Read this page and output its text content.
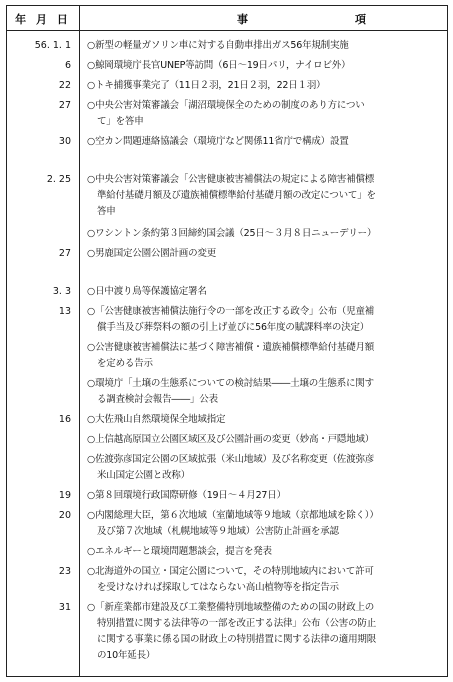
年 月 日	事	項
56. 1. 1 ○新型の軽量ガソリン車に対する自動車排出ガス56年規制実施
6 ○鯨岡環境庁長官UNEP等訪問（6日〜19日パリ，ナイロビ外）
22 ○トキ捕獲事業完了（11日２羽，21日２羽，22日１羽）
27 ○中央公害対策審議会「湖沼環境保全のための制度のあり方につい
て」を答申
30 ○空カン問題連絡協議会（環境庁など関係11省庁で構成）設置
2. 25 ○中央公害対策審議会「公害健康被害補償法の規定による障害補償標
準給付基礎月額及び遺族補償標準給付基礎月額の改定について」を
答申
○ワシントン条約第３回締約国会議（25日〜３月８日ニューデリー）
27 ○男鹿国定公園公園計画の変更
3. 3 ○日中渡り鳥等保護協定署名
13 ○「公害健康被害補償法施行令の一部を改正する政令」公布（児童補
償手当及び葬祭料の額の引上げ並びに56年度の賦課料率の決定）
○公害健康被害補償法に基づく障害補償・遺族補償標準給付基礎月額
を定める告示
○環境庁「土壌の生態系についての検討結果――土壌の生態系に関す
る調査検討会報告――」公表
16 ○大佐飛山自然環境保全地域指定
○上信越高原国立公園区域区及び公園計画の変更（妙高・戸隠地域）
○佐渡弥彦国定公園の区域拡張（米山地域）及び名称変更（佐渡弥彦
米山国定公園と改称）
19 ○第８回環境行政国際研修（19日〜４月27日）
20 ○内閣総理大臣，第６次地域（室蘭地域等９地域（京都地域を除く））
及び第７次地域（札幌地域等９地域）公害防止計画を承認
○エネルギーと環境問題懇談会，提言を発表
23 ○北海道外の国立・国定公園について，その特別地域内において許可
を受けなければ採取してはならない高山植物等を指定告示
31 ○「新産業都市建設及び工業整備特別地域整備のための国の財政上の
特別措置に関する法律等の一部を改正する法律」公布（公害の防止
に関する事業に係る国の財政上の特別措置に関する法律の適用期限
の10年延長）
